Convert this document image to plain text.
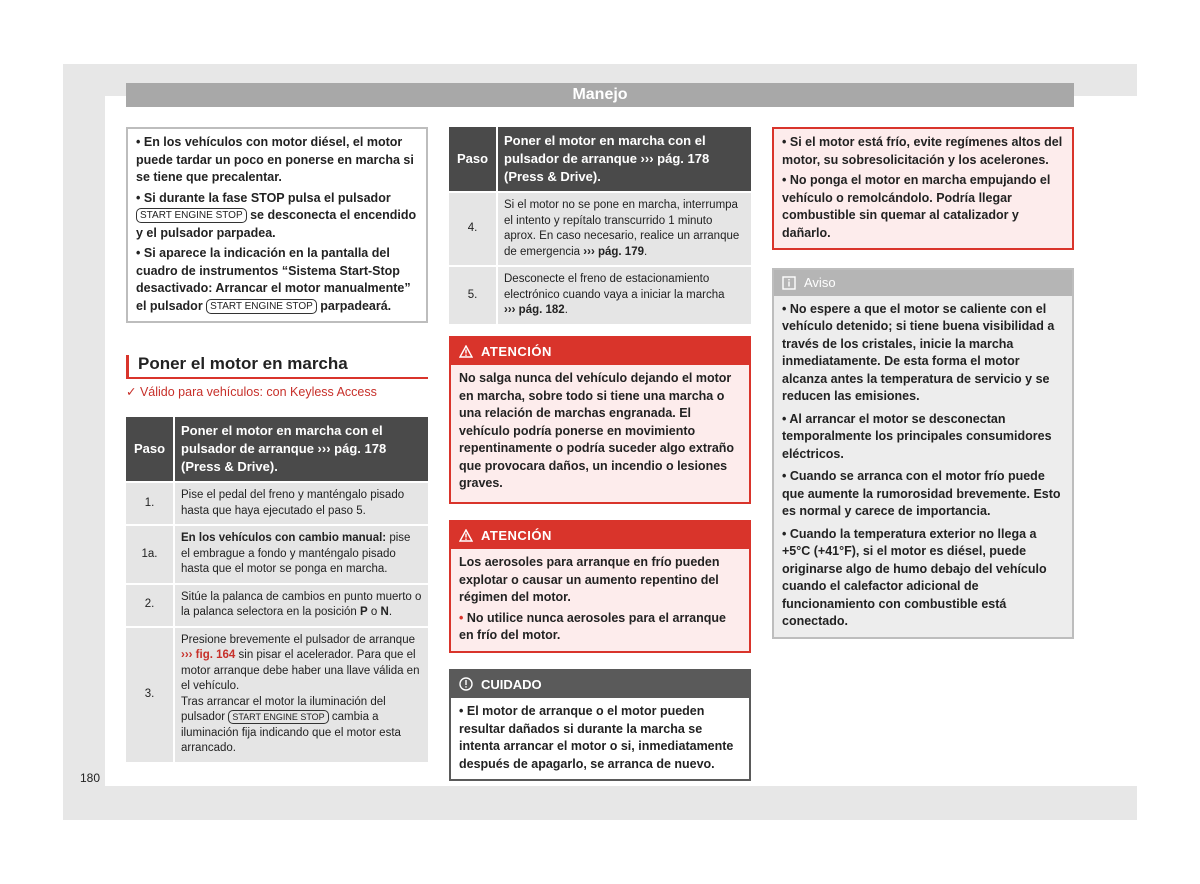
Manejo

• En los vehículos con motor diésel, el motor puede tardar un poco en ponerse en marcha si se tiene que precalentar.

• Si durante la fase STOP pulsa el pulsador START ENGINE STOP se desconecta el encendido y el pulsador parpadea.

• Si aparece la indicación en la pantalla del cuadro de instrumentos “Sistema Start-Stop desactivado: Arrancar el motor manualmente” el pulsador START ENGINE STOP parpadeará.

Poner el motor en marcha
✓ Válido para vehículos: con Keyless Access
Paso	Poner el motor en marcha con el pulsador de arranque ››› pág. 178 (Press & Drive).
1.	Pise el pedal del freno y manténgalo pisado hasta que haya ejecutado el paso 5.
1a.	En los vehículos con cambio manual: pise el embrague a fondo y manténgalo pisado hasta que el motor se ponga en marcha.
2.	Sitúe la palanca de cambios en punto muerto o la palanca selectora en la posición P o N.
3.	Presione brevemente el pulsador de arranque ››› fig. 164 sin pisar el acelerador. Para que el motor arranque debe haber una llave válida en el vehículo.
Tras arrancar el motor la iluminación del pulsador START ENGINE STOP cambia a iluminación fija indicando que el motor esta arrancado.
Paso	Poner el motor en marcha con el pulsador de arranque ››› pág. 178 (Press & Drive).
4.	Si el motor no se pone en marcha, interrumpa el intento y repítalo transcurrido 1 minuto aprox. En caso necesario, realice un arranque de emergencia ››› pág. 179.
5.	Desconecte el freno de estacionamiento electrónico cuando vaya a iniciar la marcha
››› pág. 182.
ATENCIÓN

No salga nunca del vehículo dejando el motor en marcha, sobre todo si tiene una marcha o una relación de marchas engranada. El vehículo podría ponerse en movimiento repentinamente o podría suceder algo extraño que provocara daños, un incendio o lesiones graves.

ATENCIÓN

Los aerosoles para arranque en frío pueden explotar o causar un aumento repentino del régimen del motor.

• No utilice nunca aerosoles para el arranque en frío del motor.

CUIDADO
• El motor de arranque o el motor pueden resultar dañados si durante la marcha se intenta arrancar el motor o si, inmediatamente después de apagarlo, se arranca de nuevo.

• Si el motor está frío, evite regímenes altos del motor, su sobresolicitación y los acelerones.

• No ponga el motor en marcha empujando el vehículo o remolcándolo. Podría llegar combustible sin quemar al catalizador y dañarlo.

Aviso

• No espere a que el motor se caliente con el vehículo detenido; si tiene buena visibilidad a través de los cristales, inicie la marcha inmediatamente. De esta forma el motor alcanza antes la temperatura de servicio y se reducen las emisiones.

• Al arrancar el motor se desconectan temporalmente los principales consumidores eléctricos.

• Cuando se arranca con el motor frío puede que aumente la rumorosidad brevemente. Esto es normal y carece de importancia.

• Cuando la temperatura exterior no llega a +5°C (+41°F), si el motor es diésel, puede originarse algo de humo debajo del vehículo cuando el calefactor adicional de funcionamiento con combustible está conectado.

180
